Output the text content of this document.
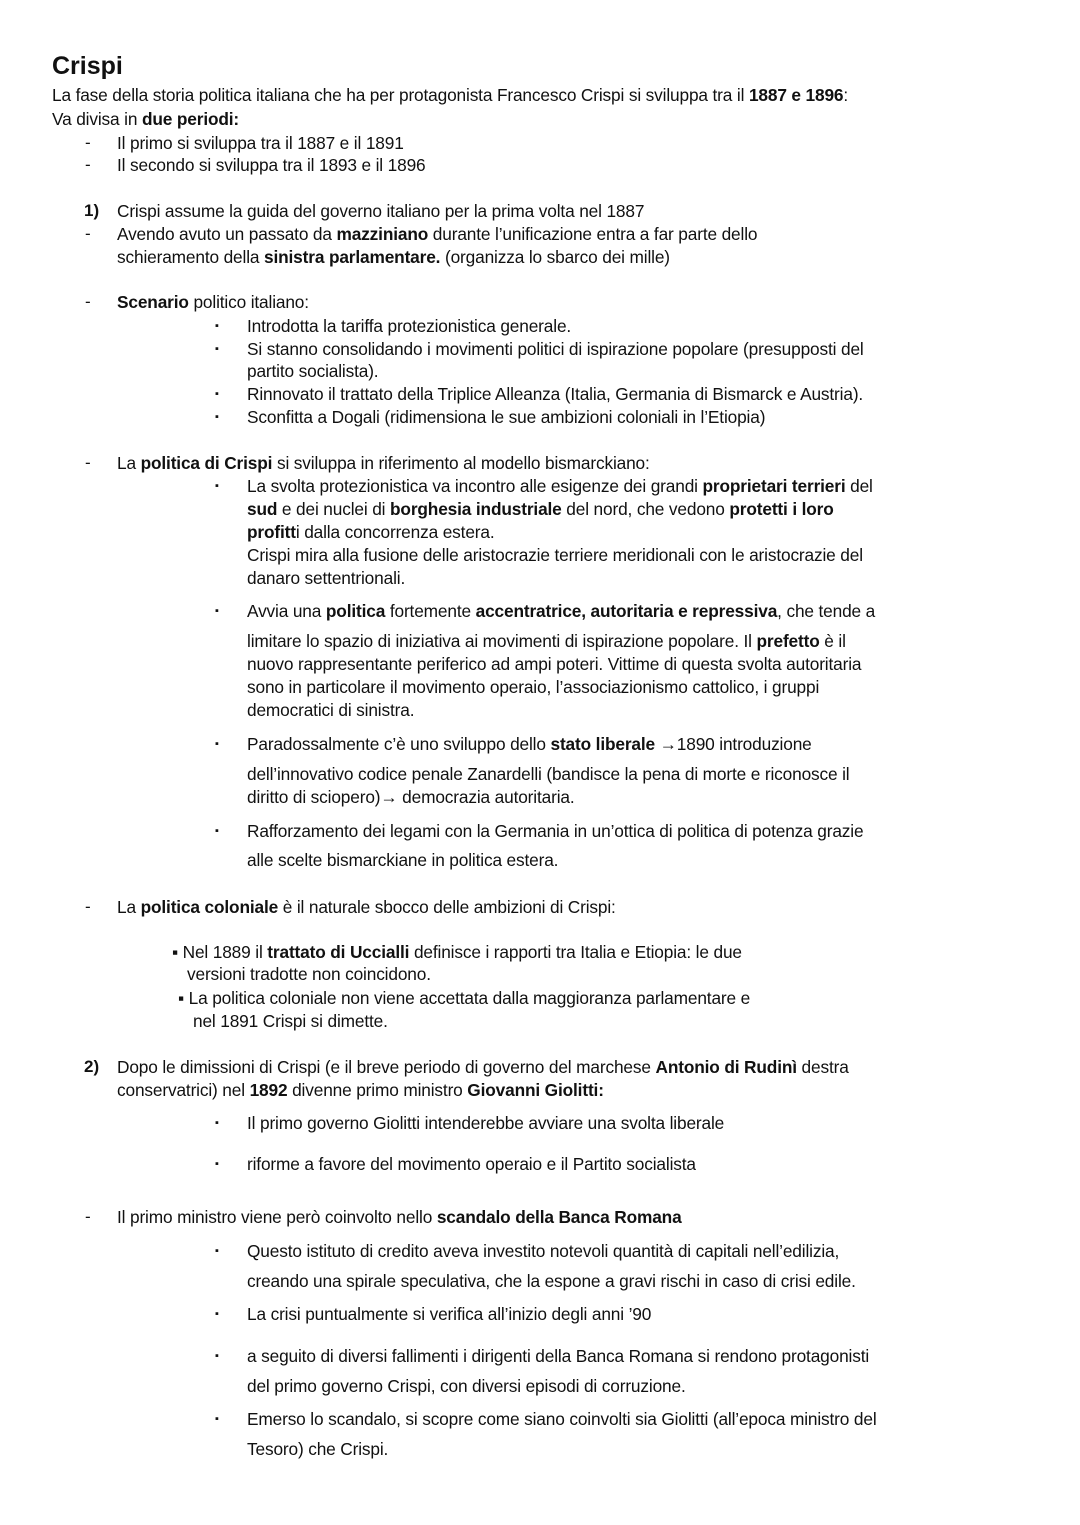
Crispi
La fase della storia politica italiana che ha per protagonista Francesco Crispi si sviluppa tra il 1887 e 1896:
Va divisa in due periodi:
- Il primo si sviluppa tra il 1887 e il 1891
- Il secondo si sviluppa tra il 1893 e il 1896
1) Crispi assume la guida del governo italiano per la prima volta nel 1887
- Avendo avuto un passato da mazziniano durante l’unificazione entra a far parte dello
schieramento della sinistra parlamentare. (organizza lo sbarco dei mille)
- Scenario politico italiano:
▪ Introdotta la tariffa protezionistica generale.
▪ Si stanno consolidando i movimenti politici di ispirazione popolare (presupposti del
partito socialista).
▪ Rinnovato il trattato della Triplice Alleanza (Italia, Germania di Bismarck e Austria).
▪ Sconfitta a Dogali (ridimensiona le sue ambizioni coloniali in l’Etiopia)
- La politica di Crispi si sviluppa in riferimento al modello bismarckiano:
▪ La svolta protezionistica va incontro alle esigenze dei grandi proprietari terrieri del
sud e dei nuclei di borghesia industriale del nord, che vedono protetti i loro
profitti dalla concorrenza estera.
Crispi mira alla fusione delle aristocrazie terriere meridionali con le aristocrazie del
danaro settentrionali.
▪ Avvia una politica fortemente accentratrice, autoritaria e repressiva, che tende a
limitare lo spazio di iniziativa ai movimenti di ispirazione popolare. Il prefetto è il
nuovo rappresentante periferico ad ampi poteri. Vittime di questa svolta autoritaria
sono in particolare il movimento operaio, l’associazionismo cattolico, i gruppi
democratici di sinistra.
▪ Paradossalmente c’è uno sviluppo dello stato liberale →1890 introduzione
dell’innovativo codice penale Zanardelli (bandisce la pena di morte e riconosce il
diritto di sciopero)→ democrazia autoritaria.
▪ Rafforzamento dei legami con la Germania in un’ottica di politica di potenza grazie
alle scelte bismarckiane in politica estera.
- La politica coloniale è il naturale sbocco delle ambizioni di Crispi:
▪ Nel 1889 il trattato di Uccialli definisce i rapporti tra Italia e Etiopia: le due
versioni tradotte non coincidono.
▪ La politica coloniale non viene accettata dalla maggioranza parlamentare e
nel 1891 Crispi si dimette.
2) Dopo le dimissioni di Crispi (e il breve periodo di governo del marchese Antonio di Rudinì destra
conservatrici) nel 1892 divenne primo ministro Giovanni Giolitti:
▪ Il primo governo Giolitti intenderebbe avviare una svolta liberale
▪ riforme a favore del movimento operaio e il Partito socialista
- Il primo ministro viene però coinvolto nello scandalo della Banca Romana
▪ Questo istituto di credito aveva investito notevoli quantità di capitali nell’edilizia,
creando una spirale speculativa, che la espone a gravi rischi in caso di crisi edile.
▪ La crisi puntualmente si verifica all’inizio degli anni ’90
▪ a seguito di diversi fallimenti i dirigenti della Banca Romana si rendono protagonisti
del primo governo Crispi, con diversi episodi di corruzione.
▪ Emerso lo scandalo, si scopre come siano coinvolti sia Giolitti (all’epoca ministro del
Tesoro) che Crispi.
